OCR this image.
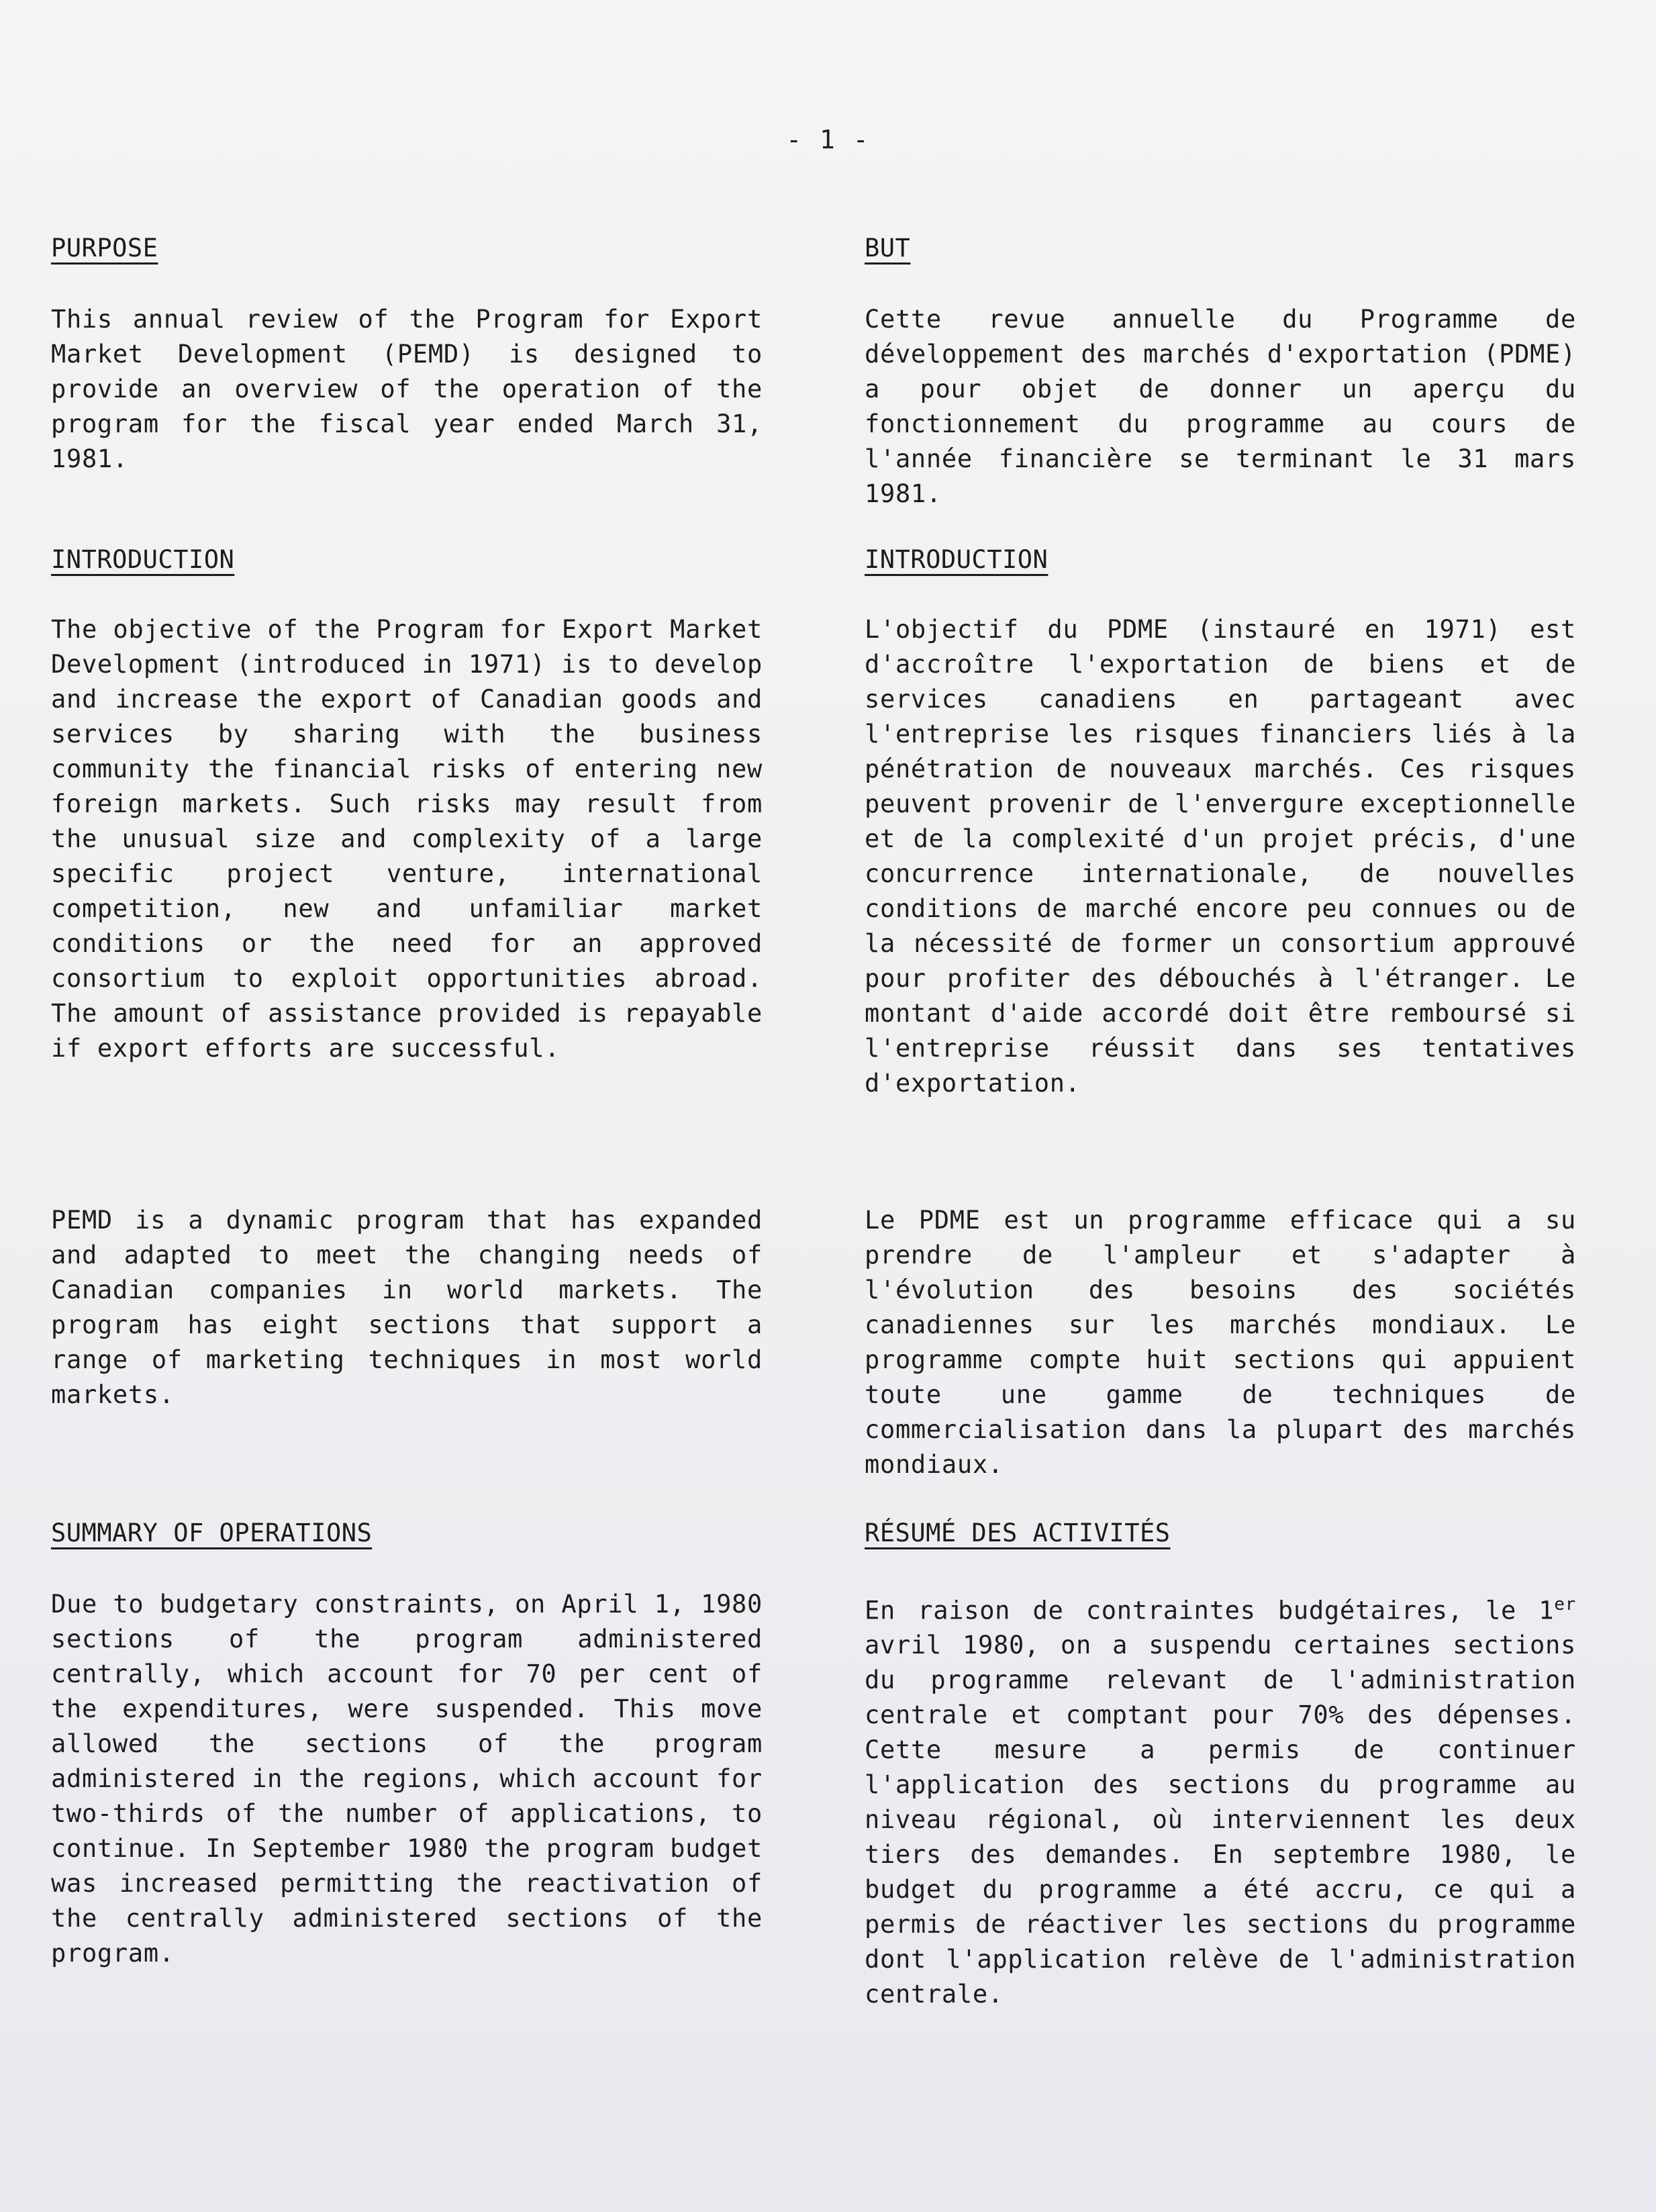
- 1 -
PURPOSE
This annual review of the Program for Export Market Development (PEMD) is designed to provide an overview of the operation of the program for the fiscal year ended March 31, 1981.
INTRODUCTION
The objective of the Program for Export Market Development (introduced in 1971) is to develop and increase the export of Canadian goods and services by sharing with the business community the financial risks of entering new foreign markets. Such risks may result from the unusual size and complexity of a large specific project venture, international competition, new and unfamiliar market conditions or the need for an approved consortium to exploit opportunities abroad. The amount of assistance provided is repayable if export efforts are successful.
PEMD is a dynamic program that has expanded and adapted to meet the changing needs of Canadian companies in world markets. The program has eight sections that support a range of marketing techniques in most world markets.
SUMMARY OF OPERATIONS
Due to budgetary constraints, on April 1, 1980 sections of the program administered centrally, which account for 70 per cent of the expenditures, were suspended. This move allowed the sections of the program administered in the regions, which account for two-thirds of the number of applications, to continue. In September 1980 the program budget was increased permitting the reactivation of the centrally administered sections of the program.
BUT
Cette revue annuelle du Programme de développement des marchés d'exportation (PDME) a pour objet de donner un aperçu du fonctionnement du programme au cours de l'année financière se terminant le 31 mars 1981.
INTRODUCTION
L'objectif du PDME (instauré en 1971) est d'accroître l'exportation de biens et de services canadiens en partageant avec l'entreprise les risques financiers liés à la pénétration de nouveaux marchés. Ces risques peuvent provenir de l'envergure exceptionnelle et de la complexité d'un projet précis, d'une concurrence internationale, de nouvelles conditions de marché encore peu connues ou de la nécessité de former un consortium approuvé pour profiter des débouchés à l'étranger. Le montant d'aide accordé doit être remboursé si l'entreprise réussit dans ses tentatives d'exportation.
Le PDME est un programme efficace qui a su prendre de l'ampleur et s'adapter à l'évolution des besoins des sociétés canadiennes sur les marchés mondiaux. Le programme compte huit sections qui appuient toute une gamme de techniques de commercialisation dans la plupart des marchés mondiaux.
RÉSUMÉ DES ACTIVITÉS
En raison de contraintes budgétaires, le 1er avril 1980, on a suspendu certaines sections du programme relevant de l'administration centrale et comptant pour 70% des dépenses. Cette mesure a permis de continuer l'application des sections du programme au niveau régional, où interviennent les deux tiers des demandes. En septembre 1980, le budget du programme a été accru, ce qui a permis de réactiver les sections du programme dont l'application relève de l'administration centrale.
